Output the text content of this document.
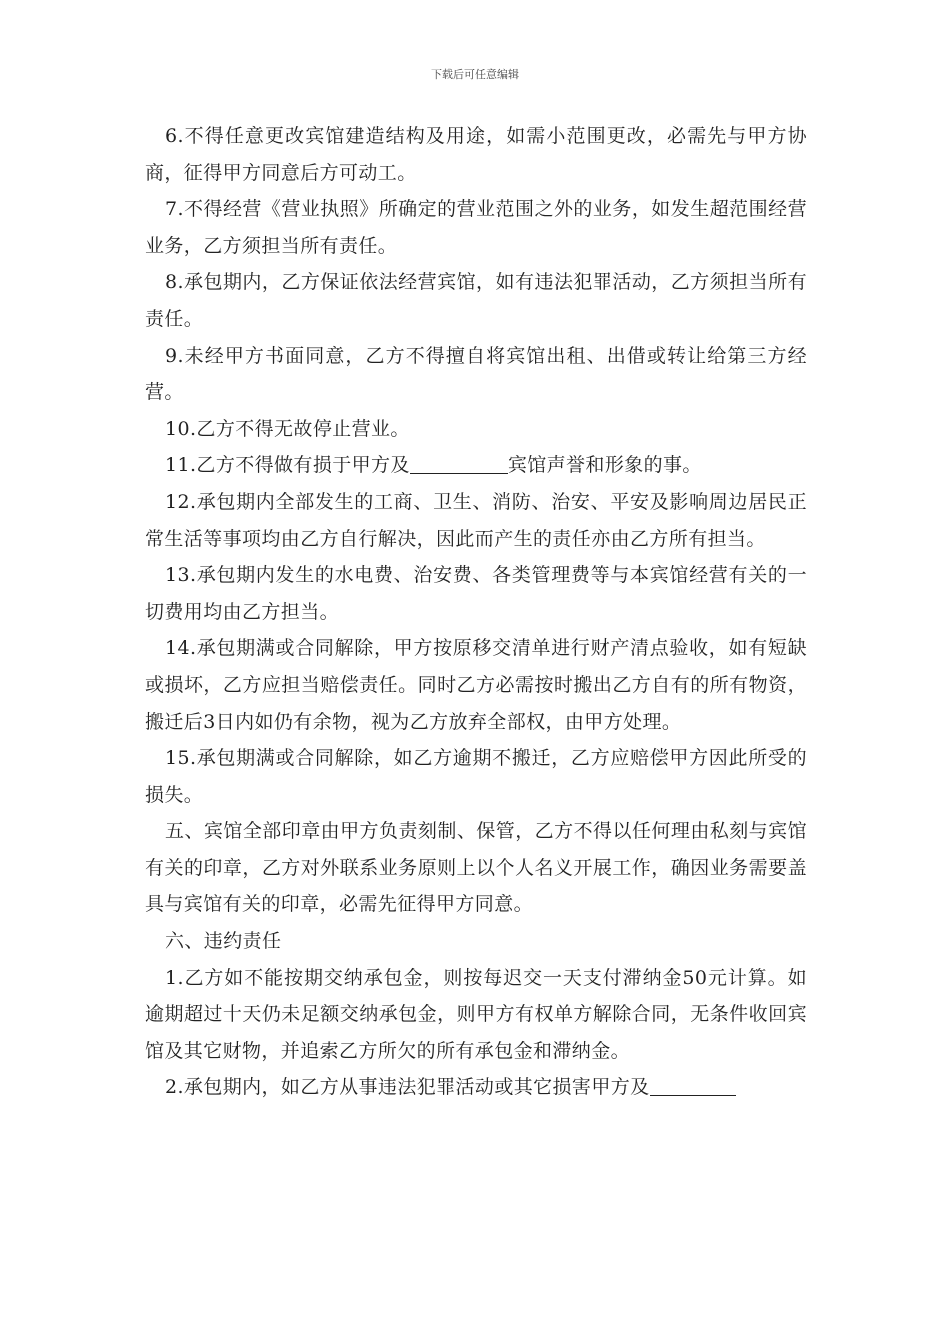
下载后可任意编辑

6.不得任意更改宾馆建造结构及用途，如需小范围更改，必需先与甲方协商，征得甲方同意后方可动工。

7.不得经营《营业执照》所确定的营业范围之外的业务，如发生超范围经营业务，乙方须担当所有责任。

8.承包期内，乙方保证依法经营宾馆，如有违法犯罪活动，乙方须担当所有责任。

9.未经甲方书面同意，乙方不得擅自将宾馆出租、出借或转让给第三方经营。

10.乙方不得无故停止营业。

11.乙方不得做有损于甲方及	宾馆声誉和形象的事。

12.承包期内全部发生的工商、卫生、消防、治安、平安及影响周边居民正常生活等事项均由乙方自行解决，因此而产生的责任亦由乙方所有担当。

13.承包期内发生的水电费、治安费、各类管理费等与本宾馆经营有关的一切费用均由乙方担当。

14.承包期满或合同解除，甲方按原移交清单进行财产清点验收，如有短缺或损坏，乙方应担当赔偿责任。同时乙方必需按时搬出乙方自有的所有物资，搬迁后3日内如仍有余物，视为乙方放弃全部权，由甲方处理。

15.承包期满或合同解除，如乙方逾期不搬迁，乙方应赔偿甲方因此所受的损失。

五、宾馆全部印章由甲方负责刻制、保管，乙方不得以任何理由私刻与宾馆有关的印章，乙方对外联系业务原则上以个人名义开展工作，确因业务需要盖具与宾馆有关的印章，必需先征得甲方同意。

六、违约责任

1.乙方如不能按期交纳承包金，则按每迟交一天支付滞纳金50元计算。如逾期超过十天仍未足额交纳承包金，则甲方有权单方解除合同，无条件收回宾馆及其它财物，并追索乙方所欠的所有承包金和滞纳金。

2.承包期内，如乙方从事违法犯罪活动或其它损害甲方及
